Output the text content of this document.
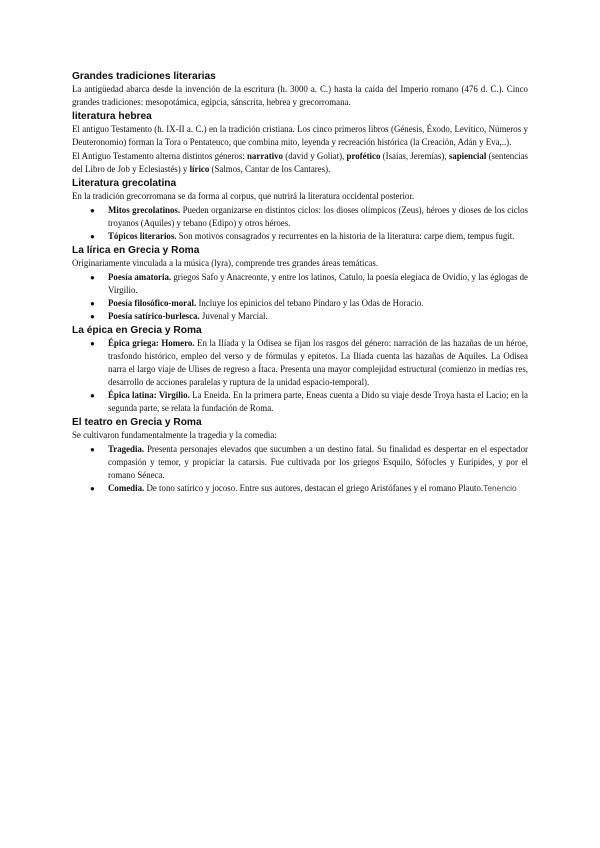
Grandes tradiciones literarias

La antigüedad abarca desde la invención de la escritura (h. 3000 a. C.) hasta la caída del Imperio romano (476 d. C.). Cinco grandes tradiciones: mesopotámica, egipcia, sánscrita, hebrea y grecorromana.

literatura hebrea

El antiguo Testamento (h. IX-II a. C.) en la tradición cristiana. Los cinco primeros libros (Génesis, Éxodo, Levítico, Números y Deuteronomio) forman la Tora o Pentateuco, que combina mito, leyenda y recreación histórica (la Creación, Adán y Eva,..).

El Antiguo Testamento alterna distintos géneros: narrativo (david y Goliat), profético (Isaías, Jeremías), sapiencial (sentencias del Libro de Job y Eclesiastés) y lírico (Salmos, Cantar de los Cantares).

Literatura grecolatina

En la tradición grecorromana se da forma al corpus, que nutrirá la literatura occidental posterior.

● Mitos grecolatinos. Pueden organizarse en distintos ciclos: los dioses olímpicos (Zeus), héroes y dioses de los ciclos troyanos (Aquiles) y tebano (Edipo) y otros héroes.
● Tópicos literarios. Son motivos consagrados y recurrentes en la historia de la literatura: carpe diem, tempus fugit.
La lírica en Grecia y Roma

Originariamente vinculada a la música (lyra), comprende tres grandes áreas temáticas.

● Poesía amatoria. griegos Safo y Anacreonte, y entre los latinos, Catulo, la poesía elegíaca de Ovidio, y las églogas de Virgilio.
● Poesía filosófico-moral. Incluye los epinicios del tebano Píndaro y las Odas de Horacio.
● Poesía satírico-burlesca. Juvenal y Marcial.
La épica en Grecia y Roma
● Épica griega: Homero. En la Ilíada y la Odisea se fijan los rasgos del género: narración de las hazañas de un héroe, trasfondo histórico, empleo del verso y de fórmulas y epítetos. La Ilíada cuenta las hazañas de Aquiles. La Odisea narra el largo viaje de Ulises de regreso a Ítaca. Presenta una mayor complejidad estructural (comienzo in medias res, desarrollo de acciones paralelas y ruptura de la unidad espacio-temporal).
● Épica latina: Virgilio. La Eneida. En la primera parte, Eneas cuenta a Dido su viaje desde Troya hasta el Lacio; en la segunda parte, se relata la fundación de Roma.
El teatro en Grecia y Roma

Se cultivaron fundamentalmente la tragedia y la comedia:

● Tragedia. Presenta personajes elevados que sucumben a un destino fatal. Su finalidad es despertar en el espectador compasión y temor, y propiciar la catarsis. Fue cultivada por los griegos Esquilo, Sófocles y Eurípides, y por el romano Séneca.
● Comedia. De tono satírico y jocoso. Entre sus autores, destacan el griego Aristófanes y el romano Plauto.Tenencio
